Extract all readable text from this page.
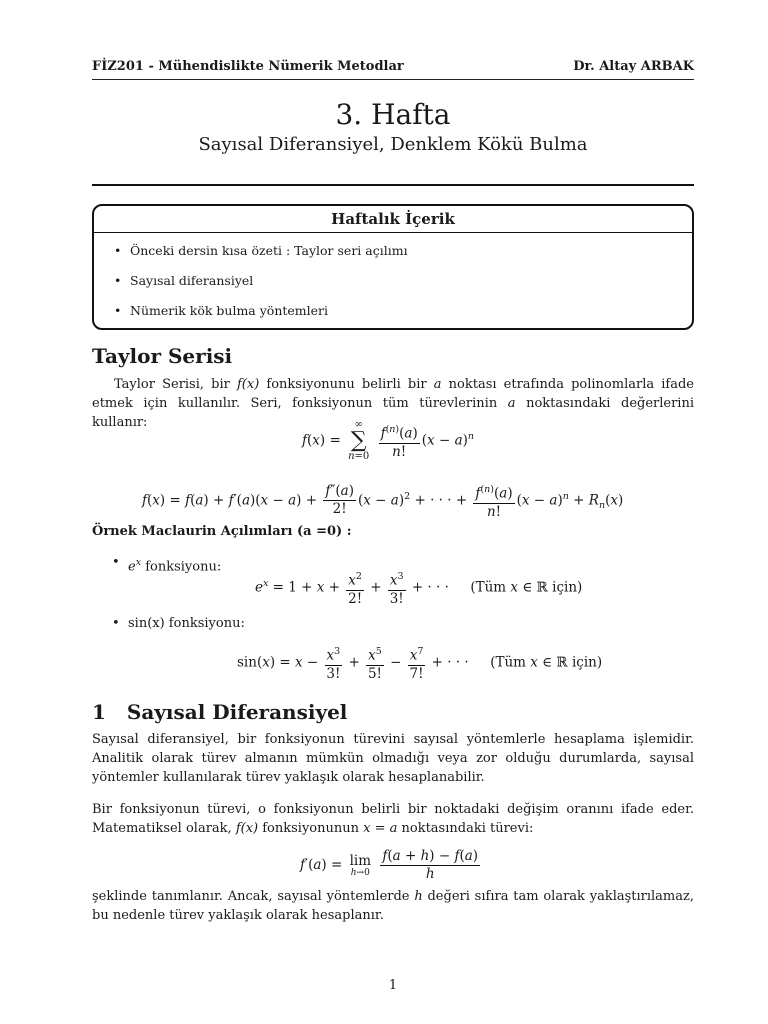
FİZ201 - Mühendislikte Nümerik Metodlar	Dr. Altay ARBAK
3. Hafta
Sayısal Diferansiyel, Denklem Kökü Bulma
Haftalık İçerik
• Önceki dersin kısa özeti : Taylor seri açılımı
• Sayısal diferansiyel
• Nümerik kök bulma yöntemleri
Taylor Serisi

Taylor Serisi, bir f(x) fonksiyonunu belirli bir a noktası etrafında polinomlarla ifade etmek için kullanılır. Seri, fonksiyonun tüm türevlerinin a noktasındaki değerlerini kullanır:

f(x) =
∞
∑
n=0
$\frac{f^{(n)}(a)}{n!} (x - a)^n$
$f(x) = f(a) + f'(a)(x - a) + \frac{f''(a)}{2!} (x - a)^2$ + · · · + $\frac{f^{(n)}(a)}{n!} (x - a)^n + R_n(x)$
Örnek Maclaurin Açılımları (a =0) :
• $e^x$ fonksiyonu:
$e^x = 1 + x + \frac{x^2}{2!} + \frac{x^3}{3!}$ + · · ·     (Tüm x ∈ ℝ için)
• sin(x) fonksiyonu:
$\sin(x) = x - \frac{x^3}{3!} + \frac{x^5}{5!} - \frac{x^7}{7!}$ + · · ·     (Tüm x ∈ ℝ için)
1 Sayısal Diferansiyel

Sayısal diferansiyel, bir fonksiyonun türevini sayısal yöntemlerle hesaplama işlemidir. Analitik olarak türev almanın mümkün olmadığı veya zor olduğu durumlarda, sayısal yöntemler kullanılarak türev yaklaşık olarak hesaplanabilir.

Bir fonksiyonun türevi, o fonksiyonun belirli bir noktadaki değişim oranını ifade eder. Matematiksel olarak, f(x) fonksiyonunun x = a noktasındaki türevi:

f′(a) = lim
h→0
$\frac{f(a + h) - f(a)}{h}$

şeklinde tanımlanır. Ancak, sayısal yöntemlerde h değeri sıfıra tam olarak yaklaştırılamaz, bu nedenle türev yaklaşık olarak hesaplanır.

1
